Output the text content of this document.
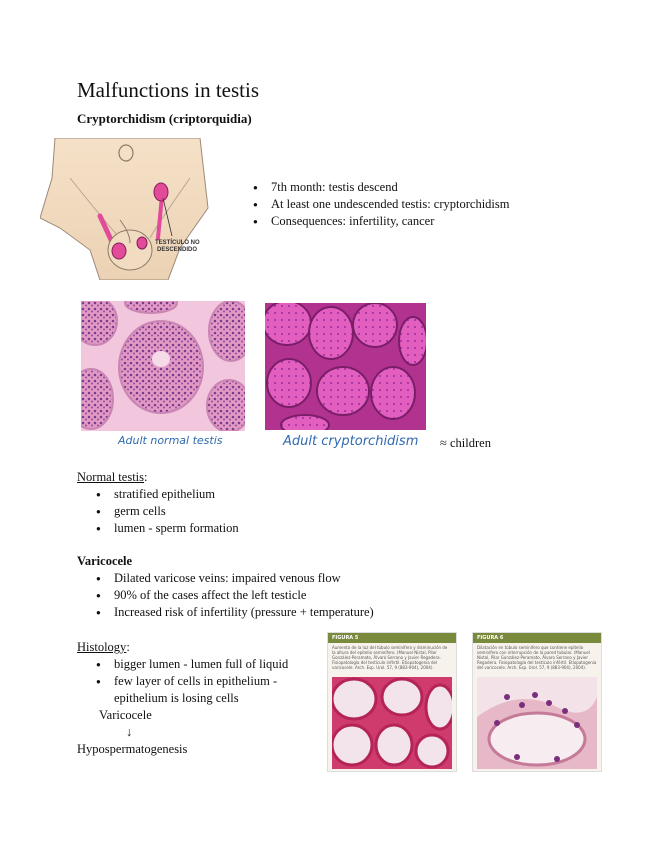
Malfunctions in testis
Cryptorchidism (criptorquidia)
TESTÍCULO NO
DESCENDIDO
● 7th month: testis descend
● At least one undescended testis: cryptorchidism
● Consequences: infertility, cancer
Adult normal testis	Adult cryptorchidism ≈ children
Normal testis:
● stratified epithelium
● germ cells
● lumen - sperm formation
Varicocele
● Dilated varicose veins: impaired venous flow
● 90% of the cases affect the left testicle
● Increased risk of infertility (pressure + temperature)
Histology:
● bigger lumen - lumen full of liquid
● few layer of cells in epithelium -
epithelium is losing cells
Varicocele
↓
Hypospermatogenesis
FIGURA 5
Aumento de la luz del túbulo seminífero y disminución de la altura del epitelio seminífero. (Manuel Nistal, Pilar González-Peramato, Álvaro Serrano y Javier Regadera. Fisiopatología del testículo infértil. Etiopatogenia del varicocele. Arch. Esp. Urol. 57, 9 (883-904), 2004).
FIGURA 6
Dilatación en túbulo seminífero que contiene epitelio seminífero con interrupción de la pared tubular. (Manuel Nistal, Pilar González-Peramato, Álvaro Serrano y Javier Regadera. Fisiopatología del testículo infértil. Etiopatogenia del varicocele. Arch. Esp. Urol. 57, 9 (883-904), 2004).
